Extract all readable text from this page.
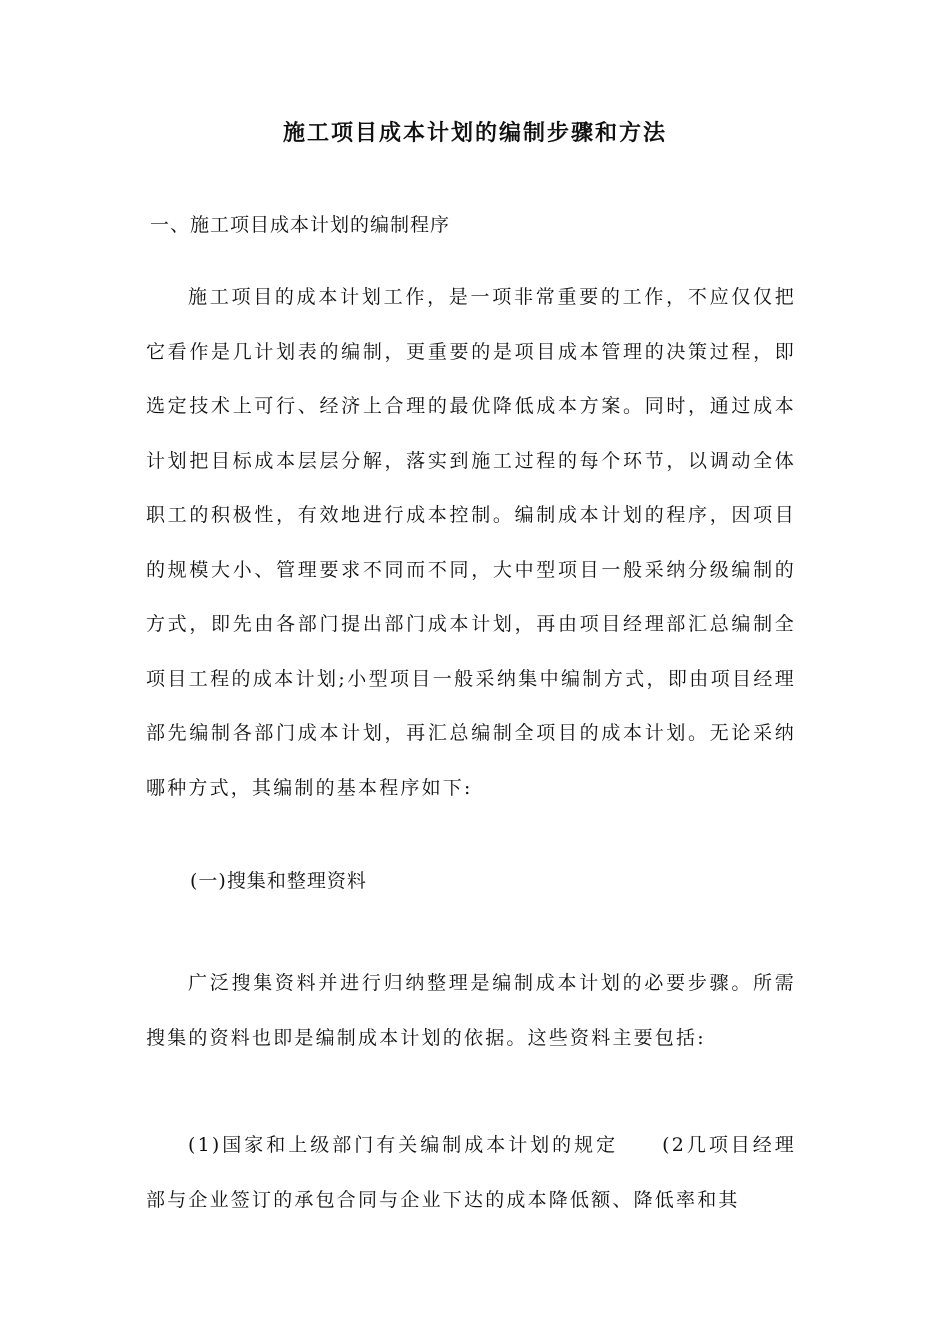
施工项目成本计划的编制步骤和方法

一、施工项目成本计划的编制程序

施工项目的成本计划工作，是一项非常重要的工作，不应仅仅把它看作是几计划表的编制，更重要的是项目成本管理的决策过程，即选定技术上可行、经济上合理的最优降低成本方案。同时，通过成本计划把目标成本层层分解，落实到施工过程的每个环节，以调动全体职工的积极性，有效地进行成本控制。编制成本计划的程序，因项目的规模大小、管理要求不同而不同，大中型项目一般采纳分级编制的方式，即先由各部门提出部门成本计划，再由项目经理部汇总编制全项目工程的成本计划;小型项目一般采纳集中编制方式，即由项目经理部先编制各部门成本计划，再汇总编制全项目的成本计划。无论采纳哪种方式，其编制的基本程序如下:

(一)搜集和整理资料

广泛搜集资料并进行归纳整理是编制成本计划的必要步骤。所需搜集的资料也即是编制成本计划的依据。这些资料主要包括:

(1)国家和上级部门有关编制成本计划的规定　　(2几项目经理部与企业签订的承包合同与企业下达的成本降低额、降低率和其
